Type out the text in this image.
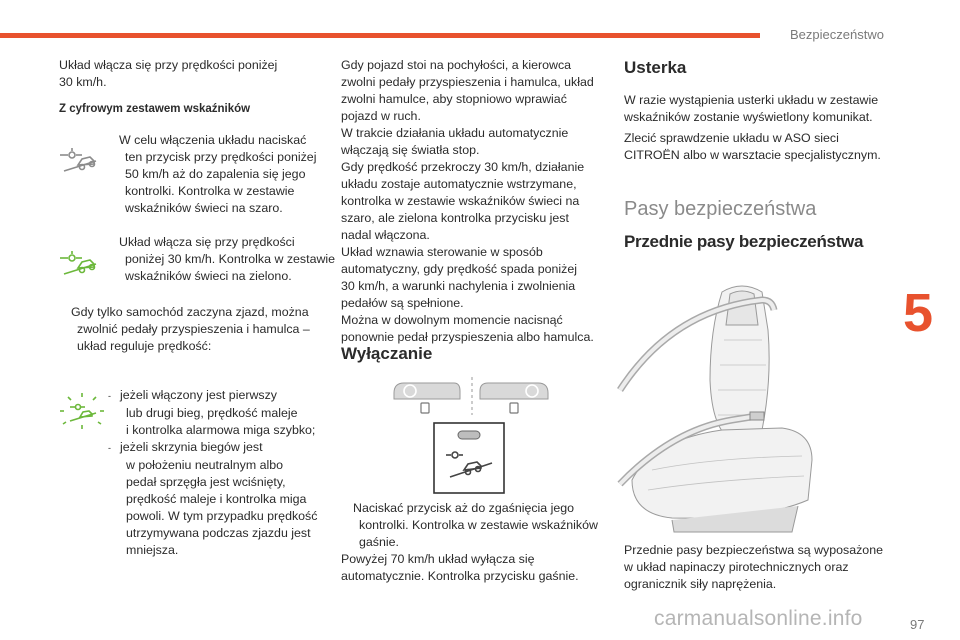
Bezpieczeństwo
5

Układ włącza się przy prędkości poniżej

30 km/h.

Z cyfrowym zestawem wskaźników

W celu włączenia układu naciskać

ten przycisk przy prędkości poniżej

50 km/h aż do zapalenia się jego

kontrolki. Kontrolka w zestawie

wskaźników świeci na szaro.

Układ włącza się przy prędkości

poniżej 30 km/h. Kontrolka w zestawie

wskaźników świeci na zielono.

Gdy tylko samochód zaczyna zjazd, można

zwolnić pedały przyspieszenia i hamulca –

układ reguluje prędkość:

- jeżeli włączony jest pierwszy

lub drugi bieg, prędkość maleje

i kontrolka alarmowa miga szybko;

- jeżeli skrzynia biegów jest

w położeniu neutralnym albo

pedał sprzęgła jest wciśnięty,

prędkość maleje i kontrolka miga

powoli. W tym przypadku prędkość

utrzymywana podczas zjazdu jest

mniejsza.

Gdy pojazd stoi na pochyłości, a kierowca

zwolni pedały przyspieszenia i hamulca, układ

zwolni hamulce, aby stopniowo wprawiać

pojazd w ruch.

W trakcie działania układu automatycznie

włączają się światła stop.

Gdy prędkość przekroczy 30 km/h, działanie

układu zostaje automatycznie wstrzymane,

kontrolka w zestawie wskaźników świeci na

szaro, ale zielona kontrolka przycisku jest

nadal włączona.

Układ wznawia sterowanie w sposób

automatyczny, gdy prędkość spada poniżej

30 km/h, a warunki nachylenia i zwolnienia

pedałów są spełnione.

Można w dowolnym momencie nacisnąć

ponownie pedał przyspieszenia albo hamulca.

Wyłączanie

Naciskać przycisk aż do zgaśnięcia jego

kontrolki. Kontrolka w zestawie wskaźników

gaśnie.

Powyżej 70 km/h układ wyłącza się

automatycznie. Kontrolka przycisku gaśnie.

Usterka

W razie wystąpienia usterki układu w zestawie

wskaźników zostanie wyświetlony komunikat.

Zlecić sprawdzenie układu w ASO sieci

CITROËN albo w warsztacie specjalistycznym.

Pasy bezpieczeństwa
Przednie pasy bezpieczeństwa

Przednie pasy bezpieczeństwa są wyposażone

w układ napinaczy pirotechnicznych oraz

ogranicznik siły naprężenia.

carmanualsonline.info	97
